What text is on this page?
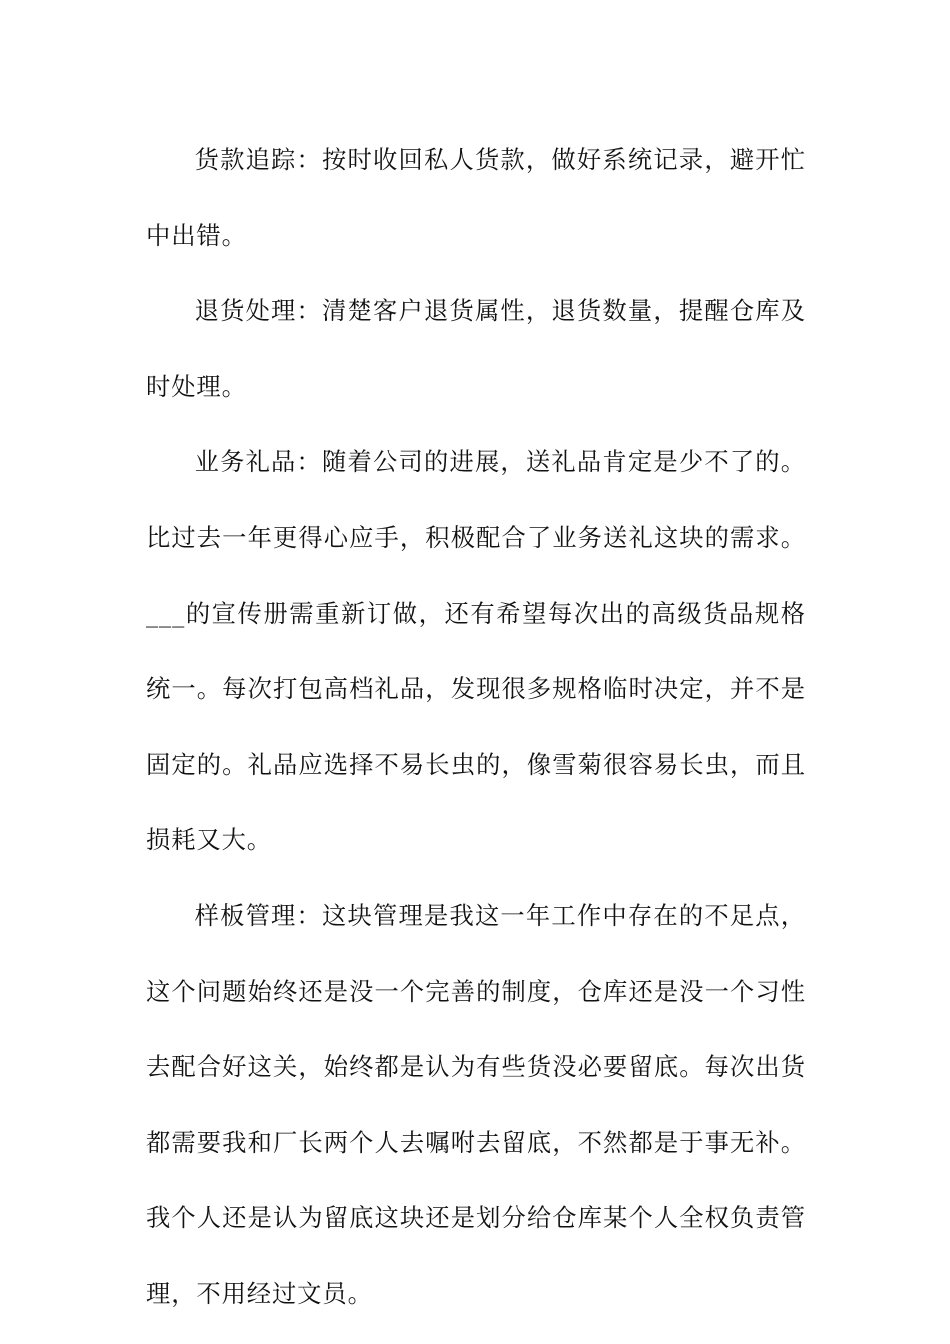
货款追踪：按时收回私人货款，做好系统记录，避开忙中出错。

退货处理：清楚客户退货属性，退货数量，提醒仓库及时处理。

业务礼品：随着公司的进展，送礼品肯定是少不了的。比过去一年更得心应手，积极配合了业务送礼这块的需求。___的宣传册需重新订做，还有希望每次出的高级货品规格统一。每次打包高档礼品，发现很多规格临时决定，并不是固定的。礼品应选择不易长虫的，像雪菊很容易长虫，而且损耗又大。

样板管理：这块管理是我这一年工作中存在的不足点，这个问题始终还是没一个完善的制度，仓库还是没一个习性去配合好这关，始终都是认为有些货没必要留底。每次出货都需要我和厂长两个人去嘱咐去留底，不然都是于事无补。我个人还是认为留底这块还是划分给仓库某个人全权负责管理，不用经过文员。
